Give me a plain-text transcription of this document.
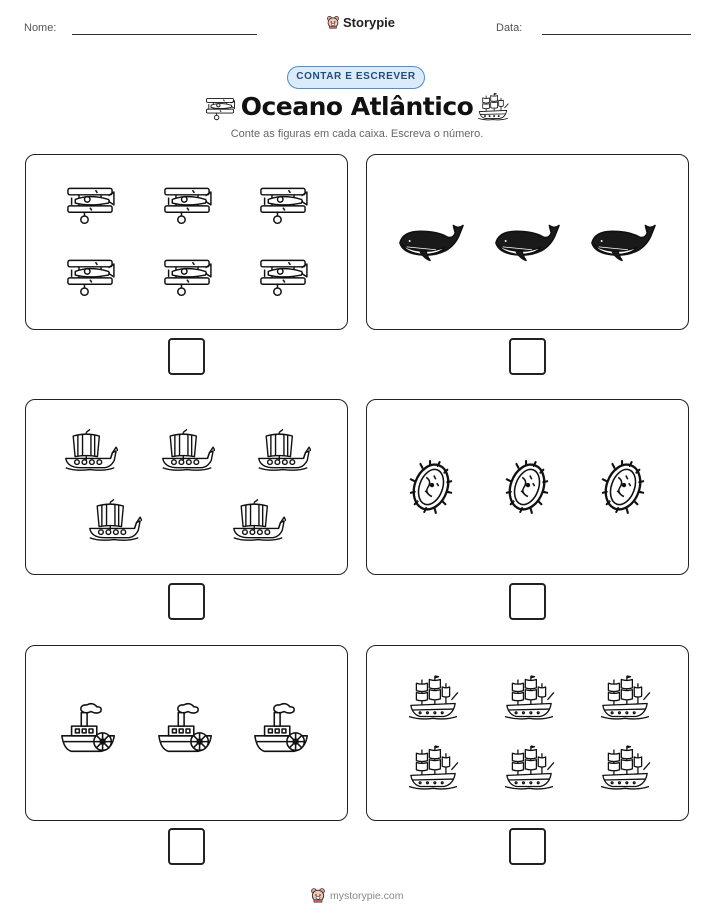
Nome:	Storypie	Data:
CONTAR E ESCREVER
Oceano Atlântico
Conte as figuras em cada caixa. Escreva o número.
mystorypie.com
